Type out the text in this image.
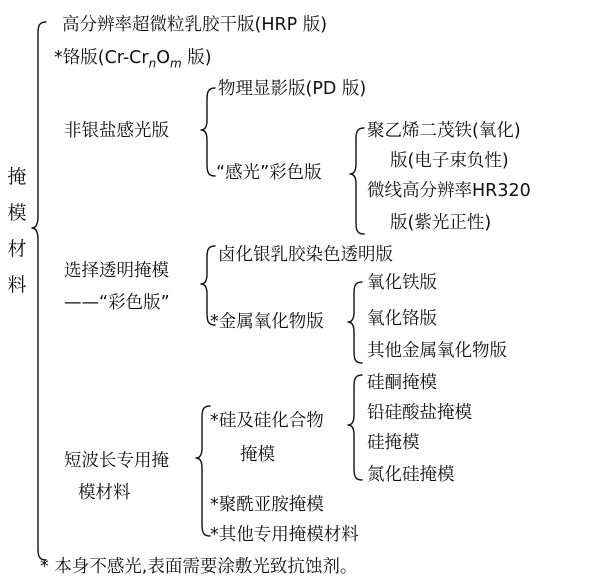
掩
模
材
料
高分辨率超微粒乳胶干版(HRP 版)
*铬版($Cr-Cr_nO_m$ 版)
非银盐感光版
物理显影版(PD 版)
“感光”彩色版
聚乙烯二茂铁(氧化)
版(电子束负性)
微线高分辨率HR320
版(紫光正性)
选择透明掩模
——“彩色版”
卤化银乳胶染色透明版
*金属氧化物版
氧化铁版
氧化铬版
其他金属氧化物版
短波长专用掩
模材料
*硅及硅化合物
掩模
硅酮掩模
铅硅酸盐掩模
硅掩模
氮化硅掩模
*聚酰亚胺掩模
*其他专用掩模材料
* 本身不感光,表面需要涂敷光致抗蚀剂。
